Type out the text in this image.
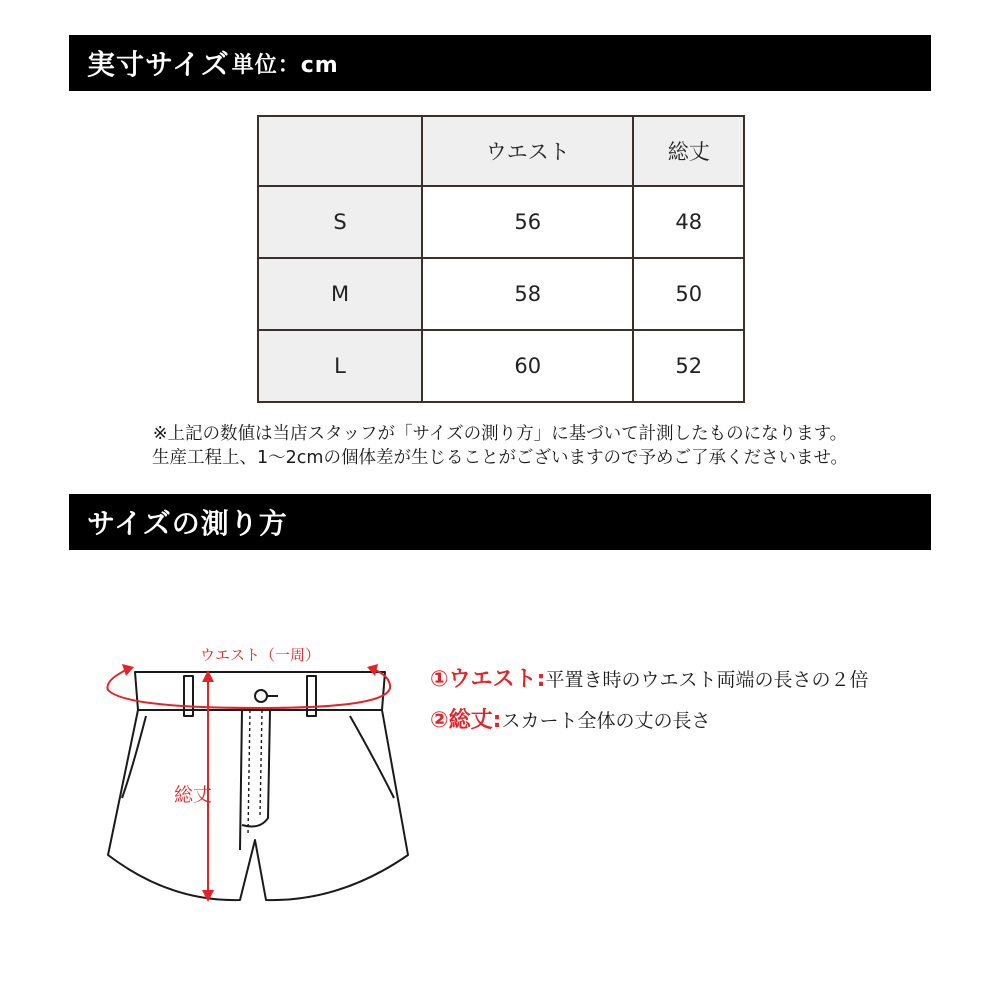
実寸サイズ 単位：cm
	ウエスト	総丈
S	56	48
M	58	50
L	60	52
※上記の数値は当店スタッフが「サイズの測り方」に基づいて計測したものになります。
生産工程上、1〜2cmの個体差が生じることがございますので予めご了承くださいませ。
サイズの測り方
ウエスト（一周）
総丈
①ウエスト:平置き時のウエスト両端の長さの２倍
②総丈:スカート全体の丈の長さ
